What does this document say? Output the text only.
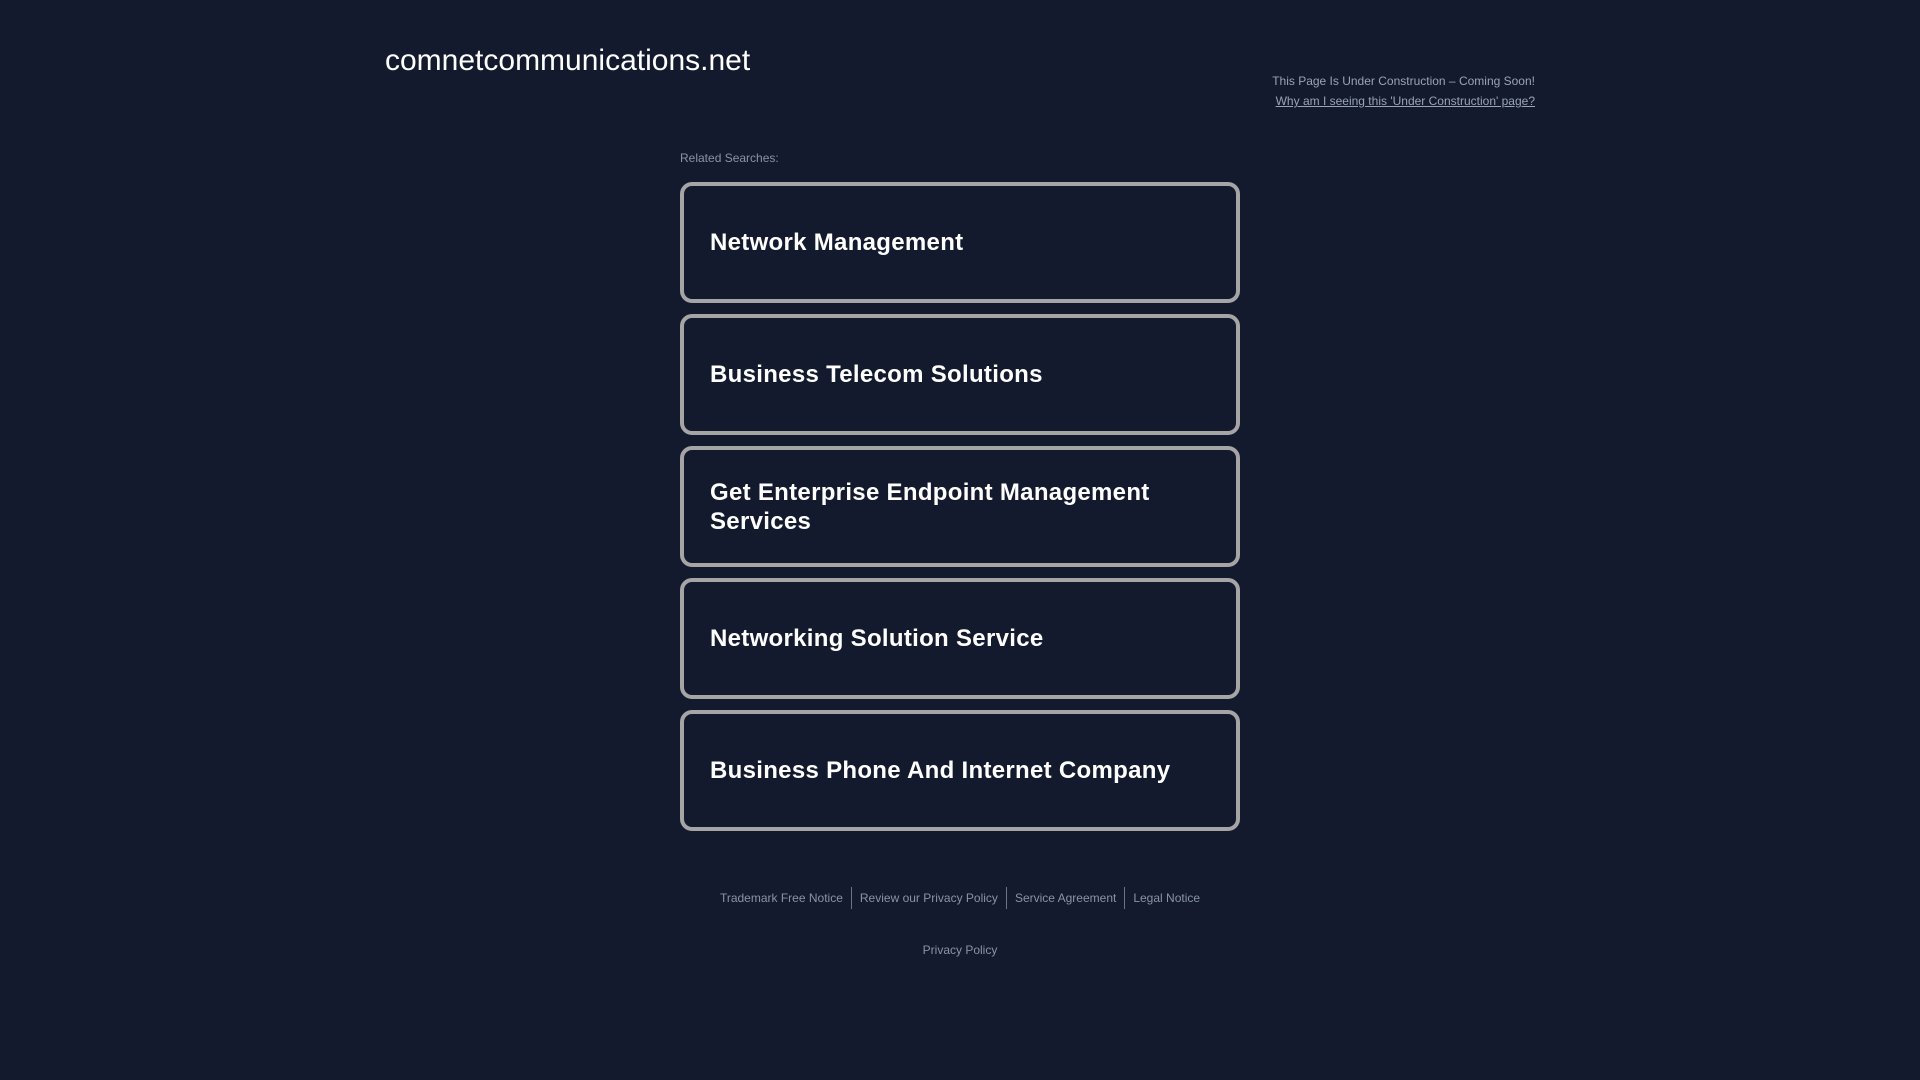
comnetcommunications.net
This Page Is Under Construction – Coming Soon!
Why am I seeing this 'Under Construction' page?
Related Searches:
Network Management
Business Telecom Solutions
Get Enterprise Endpoint Management Services
Networking Solution Service
Business Phone And Internet Company
Trademark Free Notice	Review our Privacy Policy	Service Agreement	Legal Notice
Privacy Policy
